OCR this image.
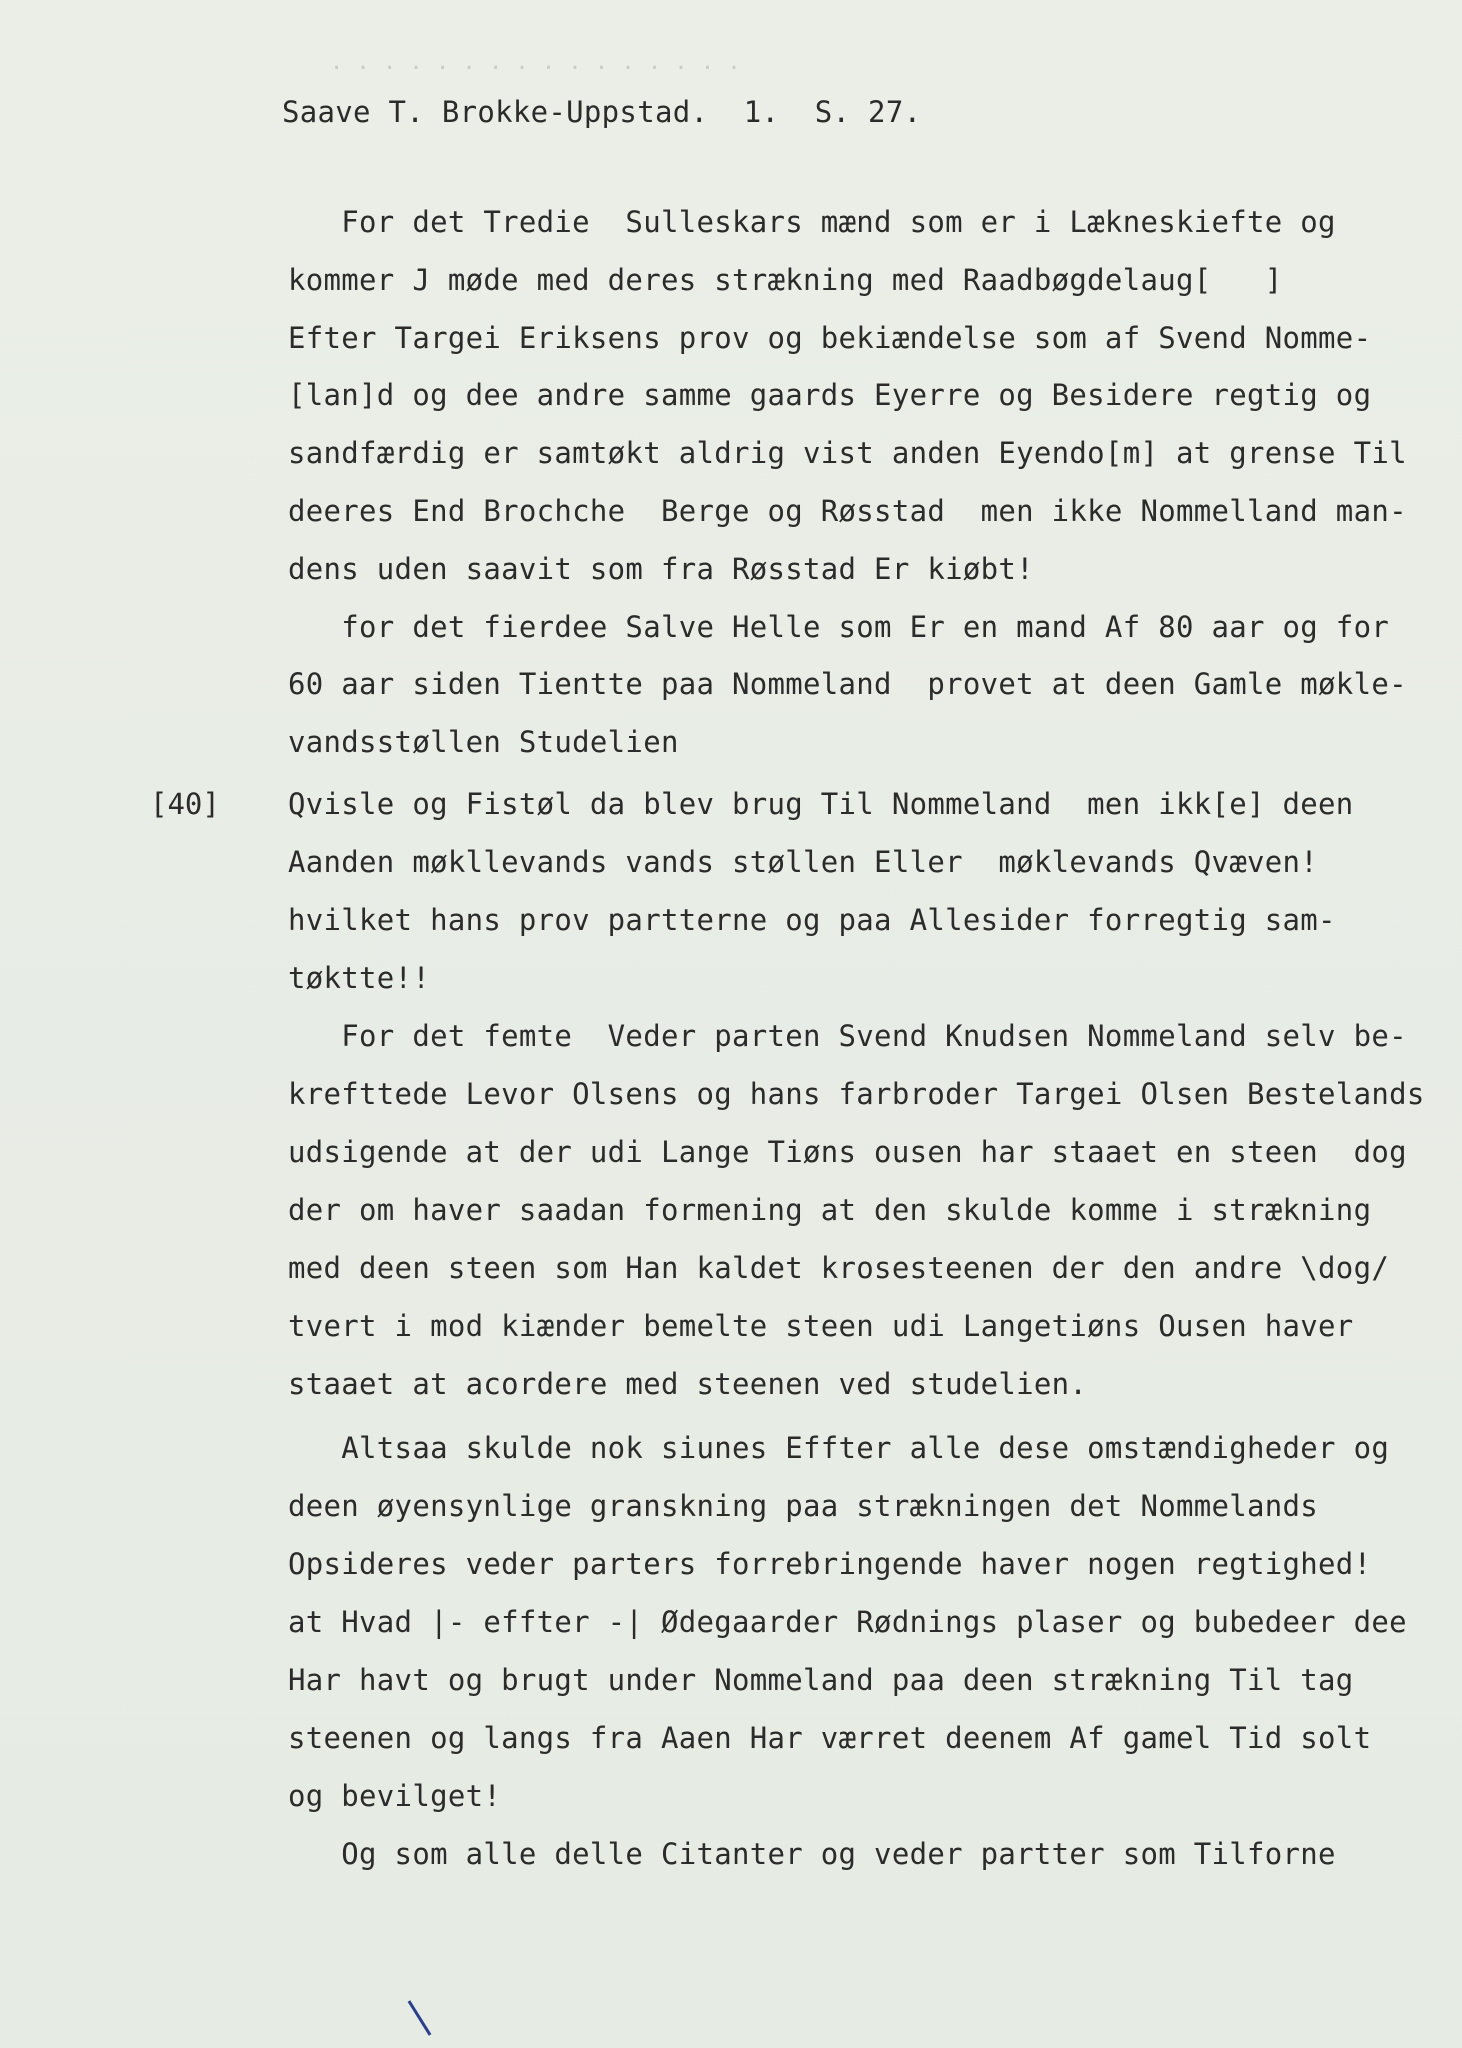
. . . . . . . . . . . . . . . .
Saave T. Brokke-Uppstad.  1.  S. 27.
[40]
For det Tredie  Sulleskars mænd som er i Lækneskiefte og
kommer J møde med deres strækning med Raadbøgdelaug[   ]
Efter Targei Eriksens prov og bekiændelse som af Svend Nomme-
[lan]d og dee andre samme gaards Eyerre og Besidere regtig og
sandfærdig er samtøkt aldrig vist anden Eyendo[m] at grense Til
deeres End Brochche  Berge og Røsstad  men ikke Nommelland man-
dens uden saavit som fra Røsstad Er kiøbt!
for det fierdee Salve Helle som Er en mand Af 80 aar og for
60 aar siden Tientte paa Nommeland  provet at deen Gamle møkle-
vandsstøllen Studelien
Qvisle og Fistøl da blev brug Til Nommeland  men ikk[e] deen
Aanden møkllevands vands støllen Eller  møklevands Qvæven!
hvilket hans prov partterne og paa Allesider forregtig sam-
tøktte!!
For det femte  Veder parten Svend Knudsen Nommeland selv be-
krefttede Levor Olsens og hans farbroder Targei Olsen Bestelands
udsigende at der udi Lange Tiøns ousen har staaet en steen  dog
der om haver saadan formening at den skulde komme i strækning
med deen steen som Han kaldet krosesteenen der den andre \dog/
tvert i mod kiænder bemelte steen udi Langetiøns Ousen haver
staaet at acordere med steenen ved studelien.
Altsaa skulde nok siunes Effter alle dese omstændigheder og
deen øyensynlige granskning paa strækningen det Nommelands
Opsideres veder parters forrebringende haver nogen regtighed!
at Hvad |- effter -| Ødegaarder Rødnings plaser og bubedeer dee
Har havt og brugt under Nommeland paa deen strækning Til tag
steenen og langs fra Aaen Har værret deenem Af gamel Tid solt
og bevilget!
Og som alle delle Citanter og veder partter som Tilforne
